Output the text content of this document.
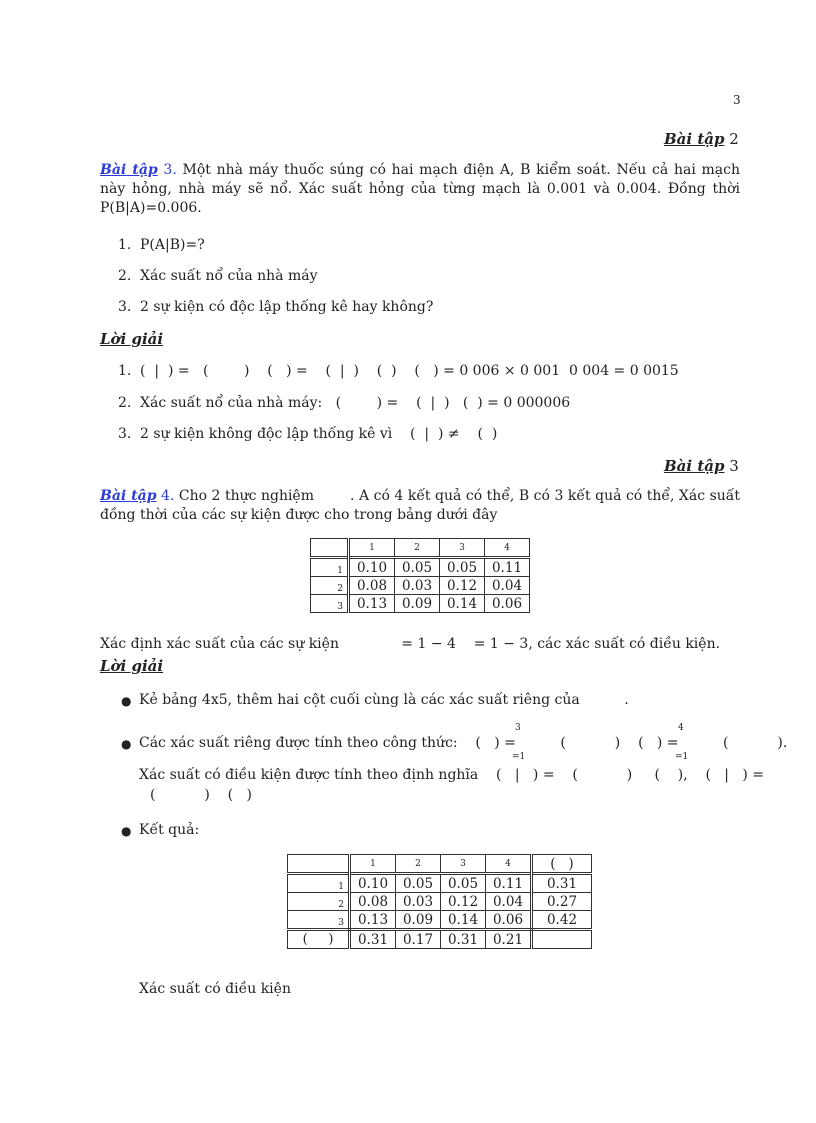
3
Bài tập 2
Bài tập 3. Một nhà máy thuốc súng có hai mạch điện A, B kiểm soát. Nếu cả hai mạch này hỏng, nhà máy sẽ nổ. Xác suất hỏng của từng mạch là 0.001 và 0.004. Đồng thời P(B|A)=0.006.
1. P(A|B)=?
2. Xác suất nổ của nhà máy
3. 2 sự kiện có độc lập thống kê hay không?
Lời giải
1. (  |  ) =   (        )    (   ) =    (  |  )    (  )    (   ) = 0 006 × 0 001  0 004 = 0 0015
2. Xác suất nổ của nhà máy:   (        ) =    (  |  )   (  ) = 0 000006
3. 2 sự kiện không độc lập thống kê vì    (  |  ) ≠    (  )
Bài tập 3
Bài tập 4. Cho 2 thực nghiệm        . A có 4 kết quả có thể, B có 3 kết quả có thể, Xác suất đồng thời của các sự kiện được cho trong bảng dưới đây
	1	2	3	4
1	0.10	0.05	0.05	0.11
2	0.08	0.03	0.12	0.04
3	0.13	0.09	0.14	0.06
Xác định xác suất của các sự kiện              = 1 − 4    = 1 − 3, các xác suất có điều kiện.
Lời giải
● Kẻ bảng 4x5, thêm hai cột cuối cùng là các xác suất riêng của          .
● Các xác suất riêng được tính theo công thức:    (   ) =          (           )    (   ) =          (           ).
3
=1
4
=1
Xác suất có điều kiện được tính theo định nghĩa    (   |   ) =    (           )     (    ),    (   |   ) =
(           )    (   )
● Kết quả:
	1	2	3	4	(   )
1	0.10	0.05	0.05	0.11	0.31
2	0.08	0.03	0.12	0.04	0.27
3	0.13	0.09	0.14	0.06	0.42
(     )	0.31	0.17	0.31	0.21	
Xác suất có điều kiện
